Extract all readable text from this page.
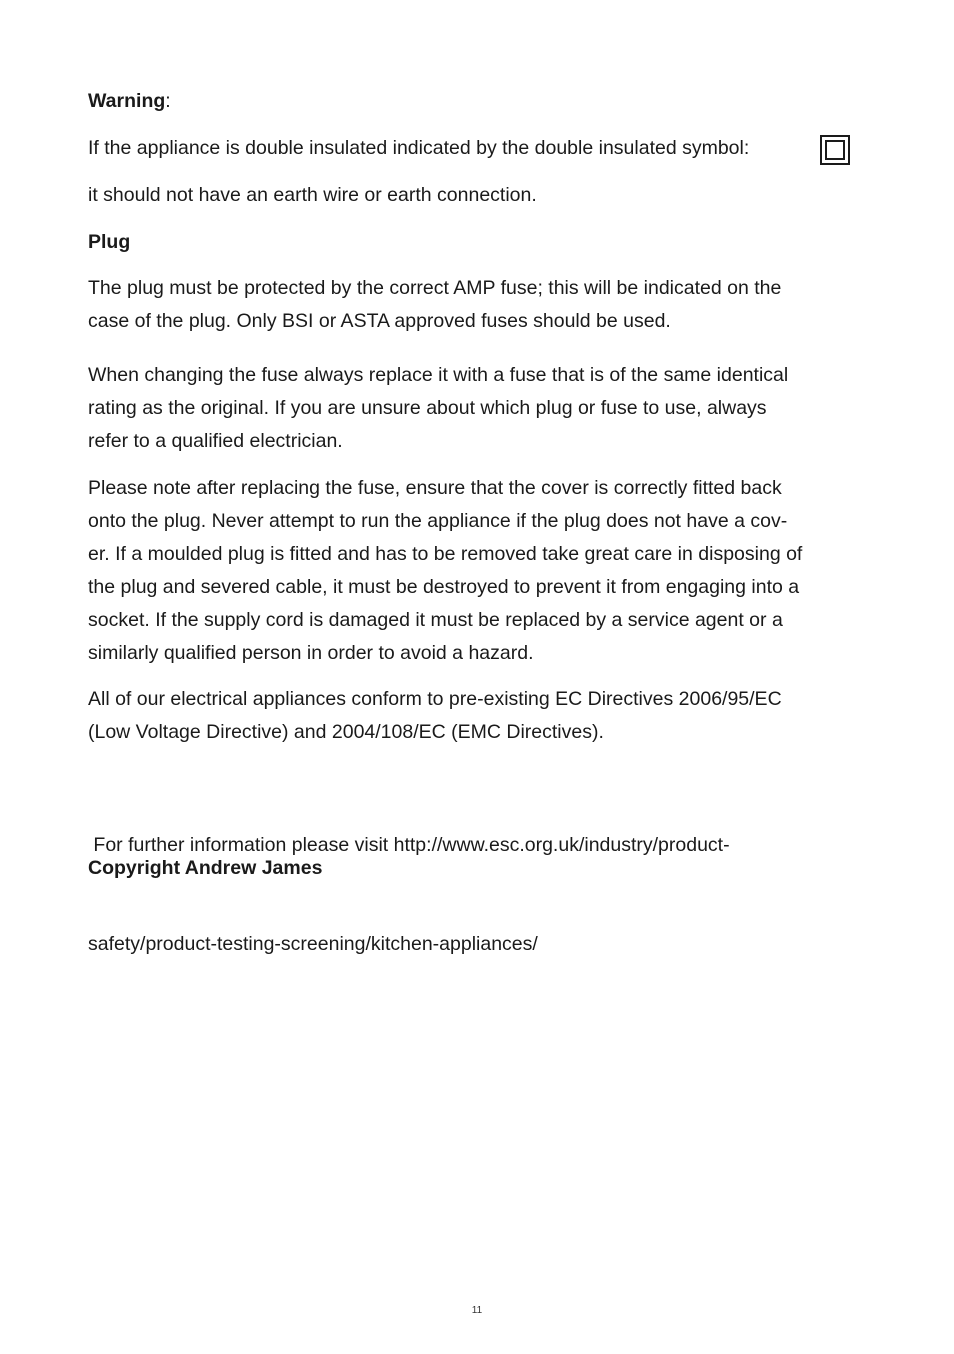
Warning:
If the appliance is double insulated indicated by the double insulated symbol:
it should not have an earth wire or earth connection.
Plug
The plug must be protected by the correct AMP fuse; this will be indicated on the
case of the plug. Only BSI or ASTA approved fuses should be used.
When changing the fuse always replace it with a fuse that is of the same identical
rating as the original. If you are unsure about which plug or fuse to use, always
refer to a qualified electrician.
Please note after replacing the fuse, ensure that the cover is correctly fitted back
onto the plug. Never attempt to run the appliance if the plug does not have a cov-
er. If a moulded plug is fitted and has to be removed take great care in disposing of
the plug and severed cable, it must be destroyed to prevent it from engaging into a
socket. If the supply cord is damaged it must be replaced by a service agent or a
similarly qualified person in order to avoid a hazard.
All of our electrical appliances conform to pre-existing EC Directives 2006/95/EC
(Low Voltage Directive) and 2004/108/EC (EMC Directives).

For further information please visit http://www.esc.org.uk/industry/product-

safety/product-testing-screening/kitchen-appliances/

Copyright Andrew James
11
